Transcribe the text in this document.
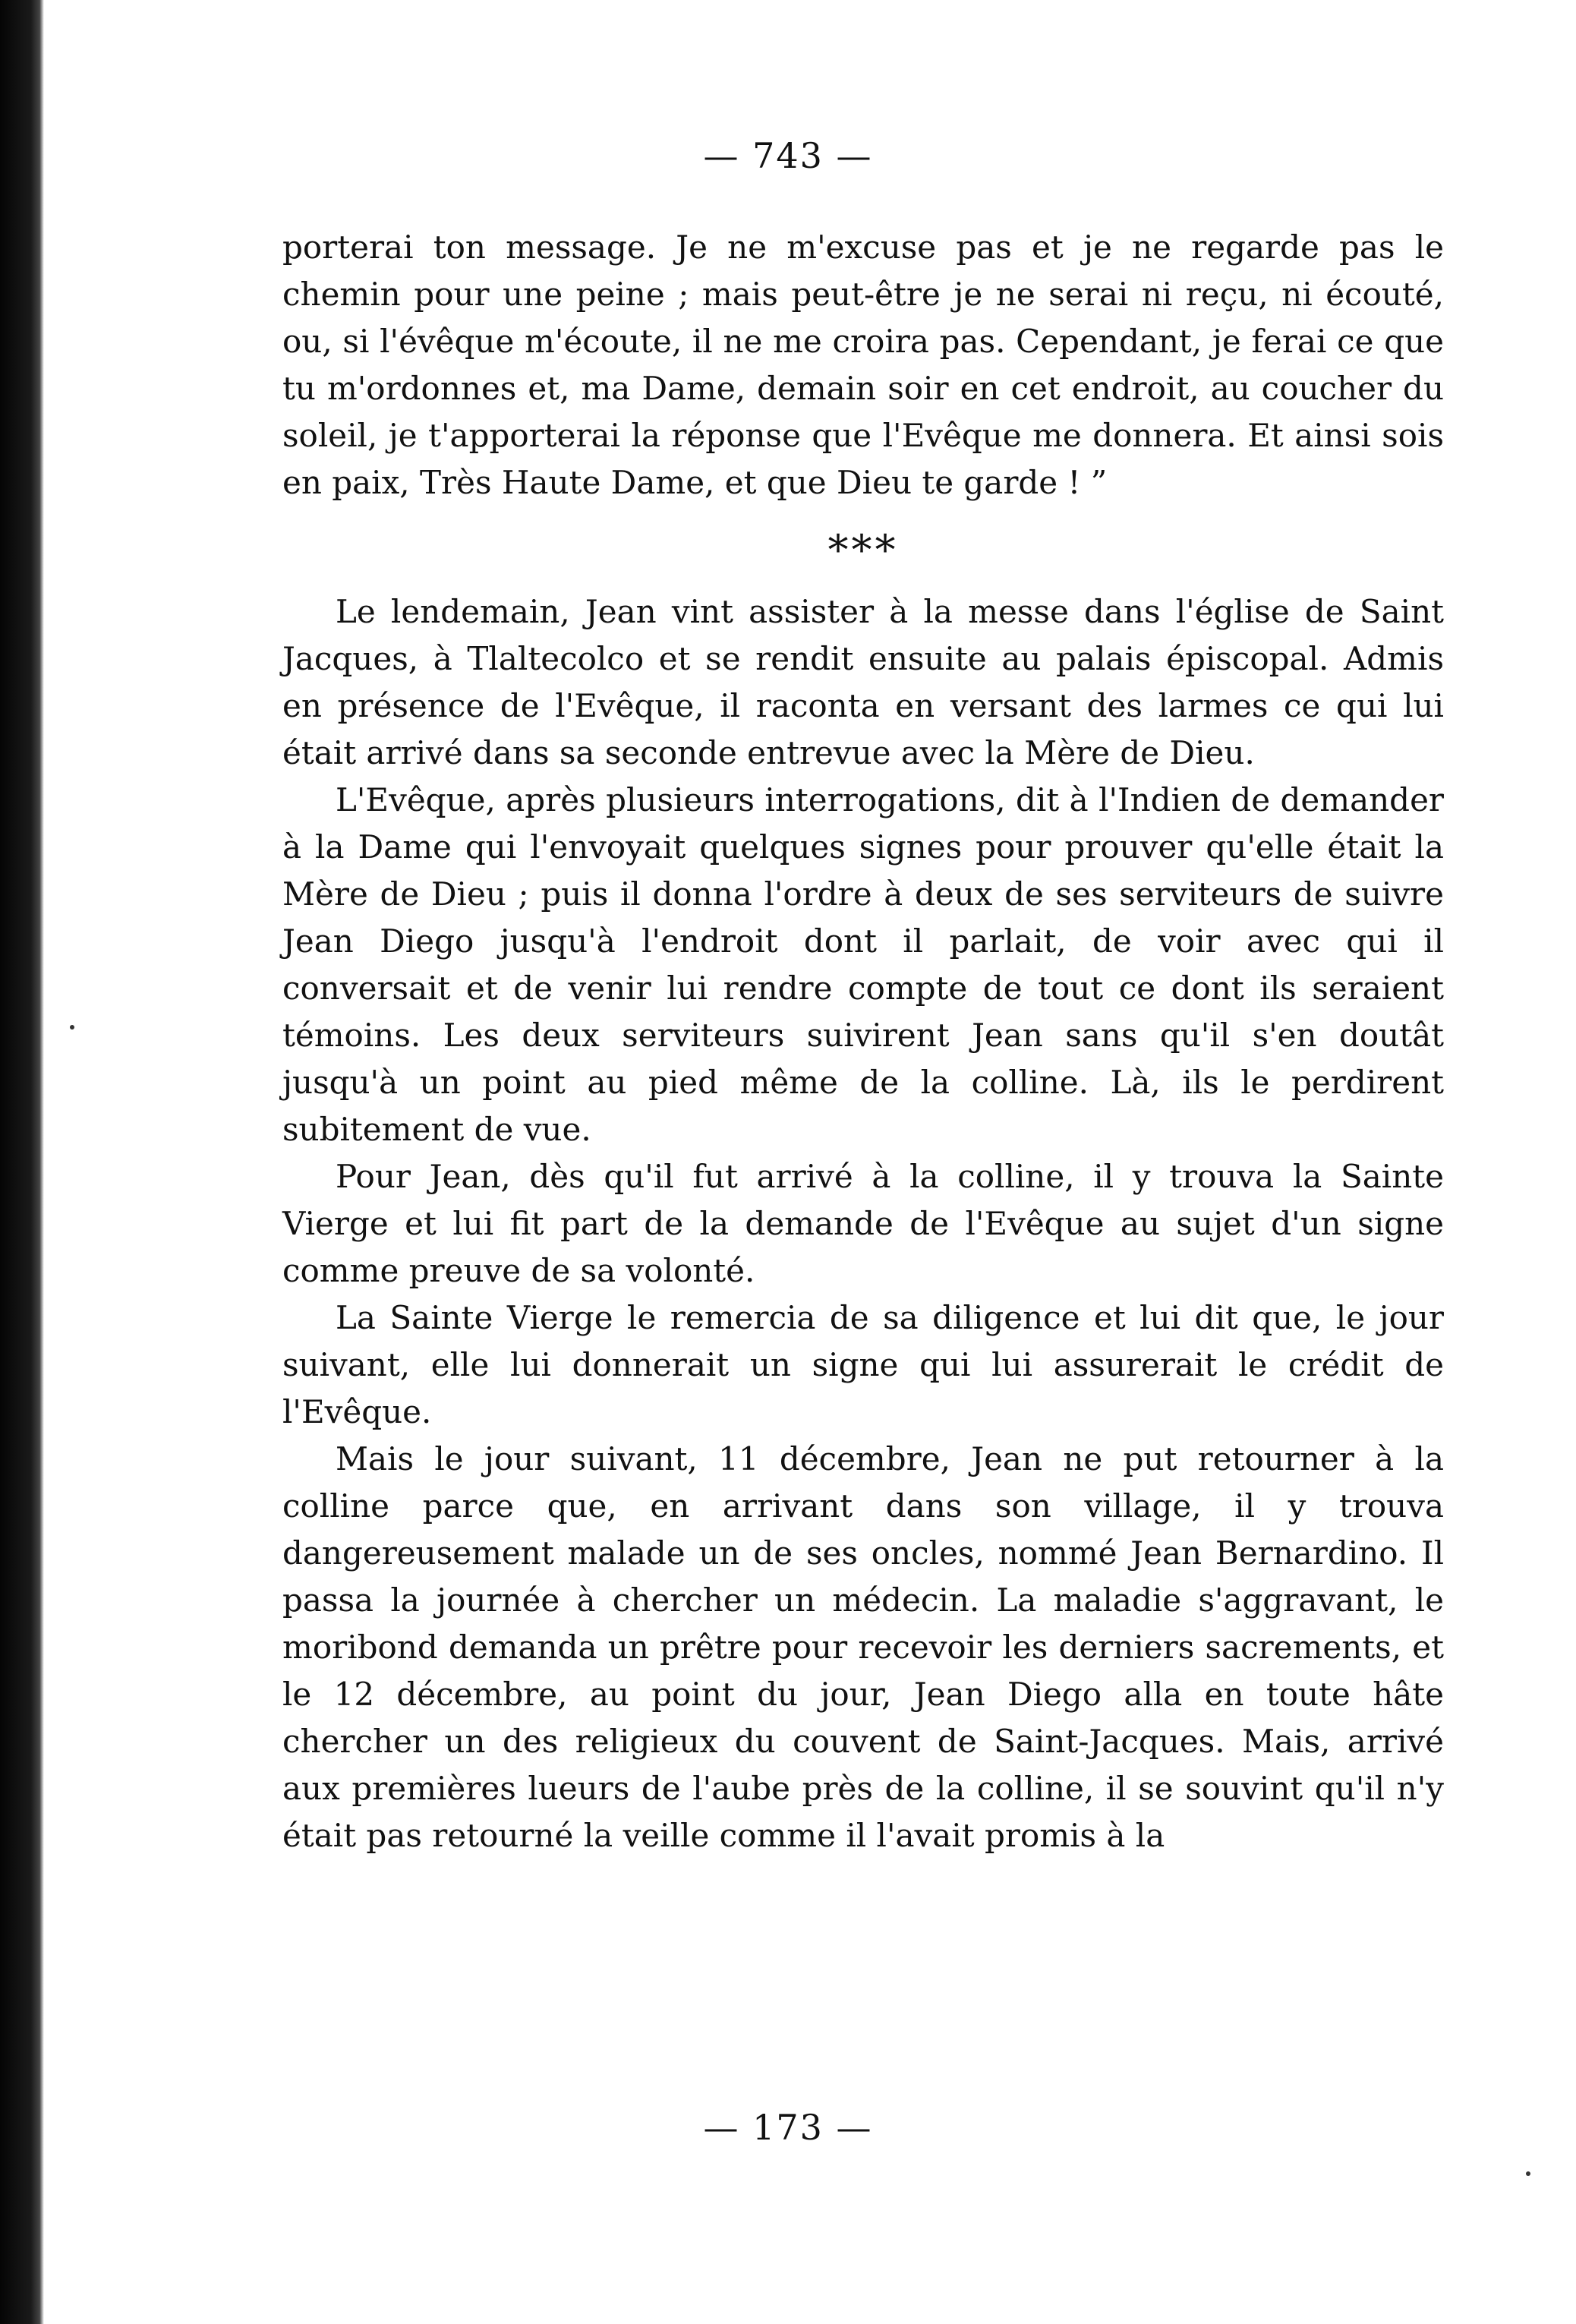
— 743 —

porterai ton message. Je ne m'excuse pas et je ne regarde pas le chemin pour une peine ; mais peut-être je ne serai ni reçu, ni écouté, ou, si l'évêque m'écoute, il ne me croira pas. Cependant, je ferai ce que tu m'ordonnes et, ma Dame, demain soir en cet endroit, au coucher du soleil, je t'apporterai la réponse que l'Evêque me donnera. Et ainsi sois en paix, Très Haute Dame, et que Dieu te garde ! ”

***

Le lendemain, Jean vint assister à la messe dans l'église de Saint Jacques, à Tlaltecolco et se rendit ensuite au palais épiscopal. Admis en présence de l'Evêque, il raconta en versant des larmes ce qui lui était arrivé dans sa seconde entrevue avec la Mère de Dieu.

L'Evêque, après plusieurs interrogations, dit à l'Indien de demander à la Dame qui l'envoyait quelques signes pour prouver qu'elle était la Mère de Dieu ; puis il donna l'ordre à deux de ses serviteurs de suivre Jean Diego jusqu'à l'endroit dont il parlait, de voir avec qui il conversait et de venir lui rendre compte de tout ce dont ils seraient témoins. Les deux serviteurs suivirent Jean sans qu'il s'en doutât jusqu'à un point au pied même de la colline. Là, ils le perdirent subitement de vue.

Pour Jean, dès qu'il fut arrivé à la colline, il y trouva la Sainte Vierge et lui fit part de la demande de l'Evêque au sujet d'un signe comme preuve de sa volonté.

La Sainte Vierge le remercia de sa diligence et lui dit que, le jour suivant, elle lui donnerait un signe qui lui assurerait le crédit de l'Evêque.

Mais le jour suivant, 11 décembre, Jean ne put retourner à la colline parce que, en arrivant dans son village, il y trouva dangereusement malade un de ses oncles, nommé Jean Bernardino. Il passa la journée à chercher un médecin. La maladie s'aggravant, le moribond demanda un prêtre pour recevoir les derniers sacrements, et le 12 décembre, au point du jour, Jean Diego alla en toute hâte chercher un des religieux du couvent de Saint-Jacques. Mais, arrivé aux premières lueurs de l'aube près de la colline, il se souvint qu'il n'y était pas retourné la veille comme il l'avait promis à la

— 173 —
